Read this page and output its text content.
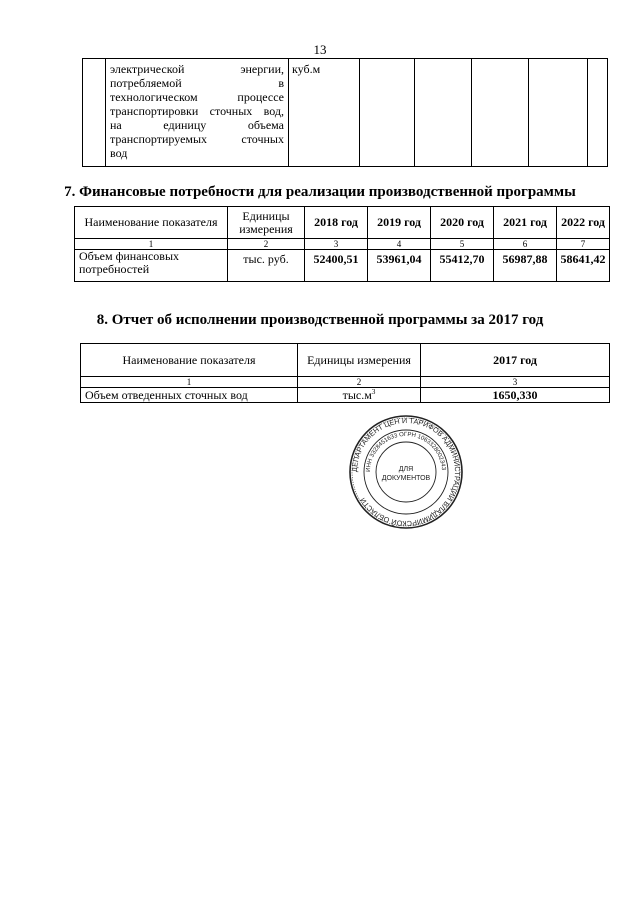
13
	электрической энергии,
потребляемой в
технологическом процессе
транспортировки сточных вод,
на единицу объема
транспортируемых сточных

вод
	куб.м					
7. Финансовые потребности для реализации производственной программы
Наименование показателя	Единицы измерения	2018 год	2019 год	2020 год	2021 год	2022 год
1	2	3	4	5	6	7
Объем финансовых потребностей	тыс. руб.	52400,51	53961,04	55412,70	56987,88	58641,42
8. Отчет об исполнении производственной программы за 2017 год
Наименование показателя	Единицы измерения	2017 год
1	2	3
Объем отведенных сточных вод	$тыс.м^3$	1650,330
ДЕПАРТАМЕНТ ЦЕН И ТАРИФОВ АДМИНИСТРАЦИИ ВЛАДИМИРСКОЙ ОБЛАСТИ
ИНН 3328451633 ОГРН 1063328002343
ДЛЯ
ДОКУМЕНТОВ
